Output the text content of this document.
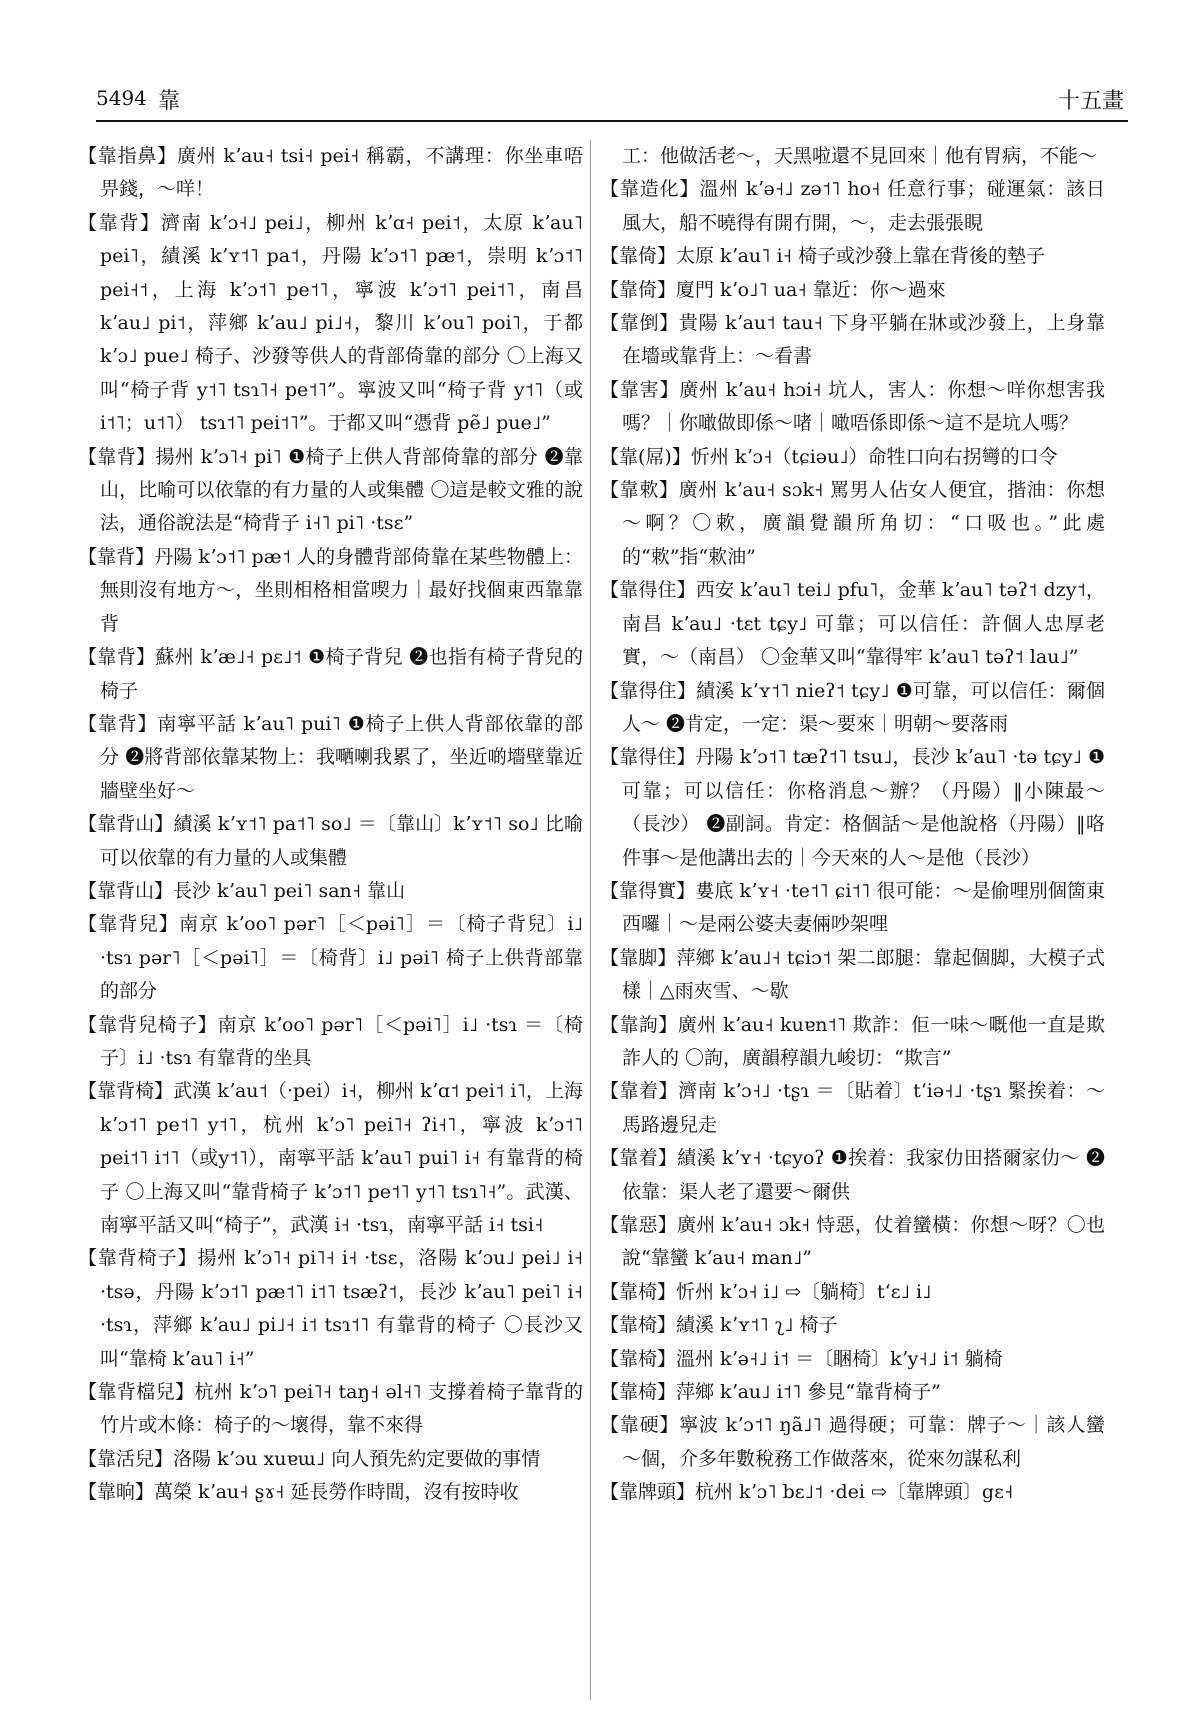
5494 靠	十五畫

【靠指鼻】廣州 kʼau˧ tsi˧ pei˧ 稱霸，不講理：你坐車唔畀錢，～咩！

【靠背】濟南 kʼɔ˧˩ pei˩，柳州 kʼɑ˧ pei˦，太原 kʼau˥ pei˥，績溪 kʼʏ˦˥ pa˦，丹陽 kʼɔ˦˥ pæ˦，崇明 kʼɔ˦˥ pei˧˦，上海 kʼɔ˦˥ pe˦˥，寧波 kʼɔ˦˥ pei˦˥，南昌 kʼau˩ pi˦，萍鄉 kʼau˩ pi˩˧，黎川 kʼou˥ poi˥，于都 kʼɔ˩ pue˩ 椅子、沙發等供人的背部倚靠的部分 〇上海又叫“椅子背 y˦˥ tsɿ˥˧ pe˦˥”。寧波又叫“椅子背 y˦˥（或 i˦˥；u˦˥） tsɿ˦˥ pei˦˥”。于都又叫“憑背 pẽ˩ pue˩”

【靠背】揚州 kʼɔ˥˧ pi˥ ❶椅子上供人背部倚靠的部分 ❷靠山，比喻可以依靠的有力量的人或集體 〇這是較文雅的說法，通俗說法是“椅背子 i˧˥ pi˥ ·tsɛ”

【靠背】丹陽 kʼɔ˦˥ pæ˦ 人的身體背部倚靠在某些物體上：無則沒有地方～，坐則相格相當喫力｜最好找個東西靠靠背

【靠背】蘇州 kʼæ˩˧ pɛ˩˦ ❶椅子背兒 ❷也指有椅子背兒的椅子

【靠背】南寧平話 kʼau˥ pui˥ ❶椅子上供人背部依靠的部分 ❷將背部依靠某物上：我嗮喇我累了，坐近啲墻壁靠近牆壁坐好～

【靠背山】績溪 kʼʏ˦˥ pa˦˥ so˩ ＝〔靠山〕kʼʏ˦˥ so˩ 比喻可以依靠的有力量的人或集體

【靠背山】長沙 kʼau˥ pei˥ san˧ 靠山

【靠背兒】南京 kʼoo˥ pər˥［＜pəi˥］＝〔椅子背兒〕i˩ ·tsɿ pər˥［＜pəi˥］＝〔椅背〕i˩ pəi˥ 椅子上供背部靠的部分

【靠背兒椅子】南京 kʼoo˥ pər˥［＜pəi˥］i˩ ·tsɿ ＝〔椅子〕i˩ ·tsɿ 有靠背的坐具

【靠背椅】武漢 kʼau˦（·pei）i˧，柳州 kʼɑ˦ pei˦ i˥，上海 kʼɔ˦˥ pe˦˥ y˦˥，杭州 kʼɔ˥ pei˥˧ ʔi˧˥，寧波 kʼɔ˦˥ pei˦˥ i˦˥（或y˦˥），南寧平話 kʼau˥ pui˥ i˧ 有靠背的椅子 〇上海又叫“靠背椅子 kʼɔ˦˥ pe˦˥ y˦˥ tsɿ˥˧”。武漢、南寧平話又叫“椅子”，武漢 i˧ ·tsɿ，南寧平話 i˧ tsi˧

【靠背椅子】揚州 kʼɔ˥˧ pi˥˧ i˧ ·tsɛ，洛陽 kʼɔu˩ pei˩ i˧ ·tsə，丹陽 kʼɔ˦˥ pæ˦˥ i˦˥ tsæʔ˦，長沙 kʼau˥ pei˥ i˧ ·tsɿ，萍鄉 kʼau˩ pi˩˧ i˦ tsɿ˦˥ 有靠背的椅子 〇長沙又叫“靠椅 kʼau˥ i˧”

【靠背檔兒】杭州 kʼɔ˥ pei˥˧ taŋ˧ əl˧˥ 支撐着椅子靠背的竹片或木條：椅子的～壞得，靠不來得

【靠活兒】洛陽 kʼɔu xuɐɯ˩ 向人預先約定要做的事情

【靠晌】萬榮 kʼau˧ ʂɤ˧ 延長勞作時間，沒有按時收

工：他做活老～，天黑啦還不見回來｜他有胃病，不能～

【靠造化】溫州 kʼə˧˩ zə˦˥ ho˧ 任意行事；碰運氣：該日風大，船不曉得有開冇開，～，走去張張睍

【靠倚】太原 kʼau˥ i˧ 椅子或沙發上靠在背後的墊子

【靠倚】廈門 kʼo˩˥ ua˧ 靠近：你～過來

【靠倒】貴陽 kʼau˦ tau˧ 下身平躺在牀或沙發上，上身靠在墻或靠背上：～看書

【靠害】廣州 kʼau˧ hɔi˧ 坑人，害人：你想～咩你想害我嗎？｜你噉做即係～啫｜噉唔係即係～這不是坑人嗎？

【靠(屌)】忻州 kʼɔ˧（tɕiəu˩）命牲口向右拐彎的口令

【靠欶】廣州 kʼau˧ sɔk˧ 罵男人佔女人便宜，揩油：你想～啊？〇欶，廣韻覺韻所角切：“口吸也。”此處的“欶”指“欶油”

【靠得住】西安 kʼau˥ tei˩ pfu˥，金華 kʼau˥ təʔ˦ dzy˦，南昌 kʼau˩ ·tɛt tɕy˩ 可靠；可以信任：許個人忠厚老實，～（南昌） 〇金華又叫“靠得牢 kʼau˥ təʔ˦ lau˩”

【靠得住】績溪 kʼʏ˦˥ nieʔ˦ tɕy˩ ❶可靠，可以信任：爾個人～ ❷肯定，一定：渠～要來｜明朝～要落雨

【靠得住】丹陽 kʼɔ˦˥ tæʔ˦˥ tsu˩，長沙 kʼau˥ ·tə tɕy˩ ❶可靠；可以信任：你格消息～辦？（丹陽）‖小陳最～（長沙） ❷副詞。肯定：格個話～是他說格（丹陽）‖咯件事～是他講出去的｜今天來的人～是他（長沙）

【靠得實】婁底 kʼʏ˧ ·te˦˥ ɕi˦˥ 很可能：～是偷哩別個箇東西囉｜～是兩公婆夫妻倆吵架哩

【靠脚】萍鄉 kʼau˩˧ tɕiɔ˦ 架二郎腿：靠起個脚，大模子式樣｜△雨夾雪、～歇

【靠訽】廣州 kʼau˧ kuɐn˦˥ 欺詐：佢一味～嘅他一直是欺詐人的 〇訽，廣韻稕韻九峻切：“欺言”

【靠着】濟南 kʼɔ˧˩ ·tʂɿ ＝〔貼着〕tʻiə˧˩ ·tʂɿ 緊挨着：～馬路邊兒走

【靠着】績溪 kʼʏ˧ ·tɕyoʔ ❶挨着：我家仂田搭爾家仂～ ❷依靠：渠人老了還要～爾供

【靠惡】廣州 kʼau˧ ɔk˧ 恃惡，仗着蠻橫：你想～呀？〇也說“靠蠻 kʼau˧ man˩”

【靠椅】忻州 kʼɔ˧ i˩ ⇨〔躺椅〕tʻɛ˩ i˩

【靠椅】績溪 kʼʏ˦˥ ʅ˩ 椅子

【靠椅】溫州 kʼə˧˩ i˦ ＝〔睏椅〕kʼy˧˩ i˦ 躺椅

【靠椅】萍鄉 kʼau˩ i˦˥ 參見“靠背椅子”

【靠硬】寧波 kʼɔ˦˥ ŋã˩˥ 過得硬；可靠：牌子～｜該人蠻～個，介多年數稅務工作做落來，從來勿謀私利

【靠牌頭】杭州 kʼɔ˥ bɛ˩˦ ·dei ⇨〔靠牌頭〕gɛ˧
